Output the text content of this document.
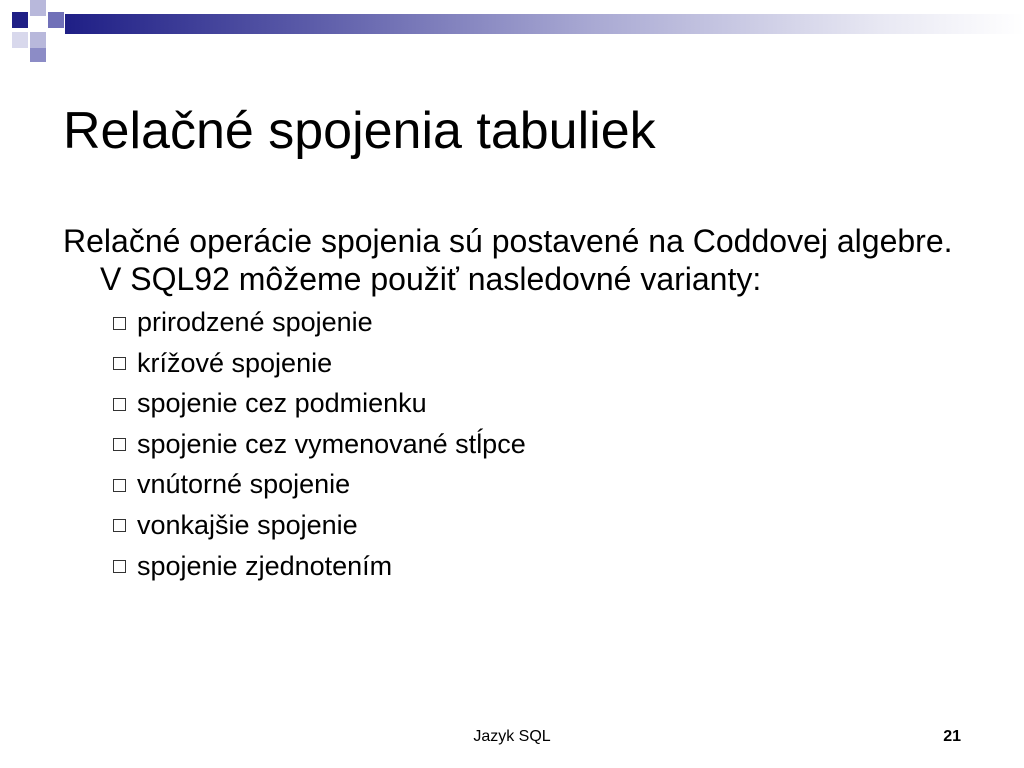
Relačné spojenia tabuliek

Relačné operácie spojenia sú postavené na Coddovej algebre. V SQL92 môžeme použiť nasledovné varianty:

prirodzené spojenie
krížové spojenie
spojenie cez podmienku
spojenie cez vymenované stĺpce
vnútorné spojenie
vonkajšie spojenie
spojenie zjednotením
Jazyk SQL	21
